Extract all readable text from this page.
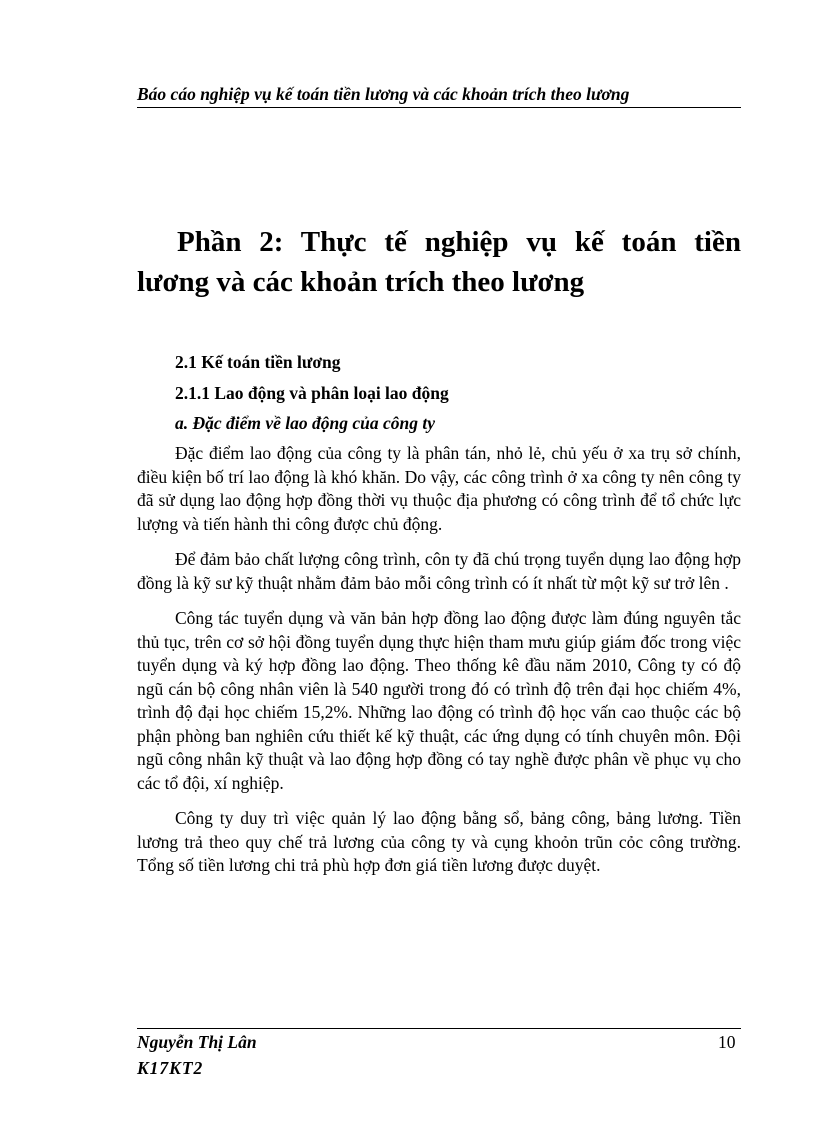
Báo cáo nghiệp vụ kế toán tiền lương và các khoản trích theo lương
Phần 2: Thực tế nghiệp vụ kế toán tiền
lương và các khoản trích theo lương
2.1 Kế toán tiền lương
2.1.1 Lao động và phân loại lao động
a. Đặc điểm về lao động của công ty

Đặc điểm lao động của công ty là phân tán, nhỏ lẻ, chủ yếu ở xa trụ sở chính, điều kiện bố trí lao động là khó khăn. Do vậy, các công trình ở xa công ty nên công ty đã sử dụng lao động hợp đồng thời vụ thuộc địa phương có công trình để tổ chức lực lượng và tiến hành thi công được chủ động.

Để đảm bảo chất lượng công trình, côn ty đã chú trọng tuyển dụng lao động hợp đồng là kỹ sư kỹ thuật nhằm đảm bảo mỗi công trình có ít nhất từ một kỹ sư trở lên .

Công tác tuyển dụng và văn bản hợp đồng lao động được làm đúng nguyên tắc thủ tục, trên cơ sở hội đồng tuyển dụng thực hiện tham mưu giúp giám đốc trong việc tuyển dụng và ký hợp đồng lao động. Theo thống kê đầu năm 2010, Công ty có độ ngũ cán bộ công nhân viên là 540 người trong đó có trình độ trên đại học chiếm 4%, trình độ đại học chiếm 15,2%. Những lao động có trình độ học vấn cao thuộc các bộ phận phòng ban nghiên cứu thiết kế kỹ thuật, các ứng dụng có tính chuyên môn. Đội ngũ công nhân kỹ thuật và lao động hợp đồng có tay nghề được phân về phục vụ cho các tổ đội, xí nghiệp.

Công ty duy trì việc quản lý lao động bằng sổ, bảng công, bảng lương. Tiền lương trả theo quy chế trả lương của công ty và cụng khoỏn trũn cỏc công trường. Tổng số tiền lương chi trả phù hợp đơn giá tiền lương được duyệt.

Nguyễn Thị Lân
K17KT2
10
